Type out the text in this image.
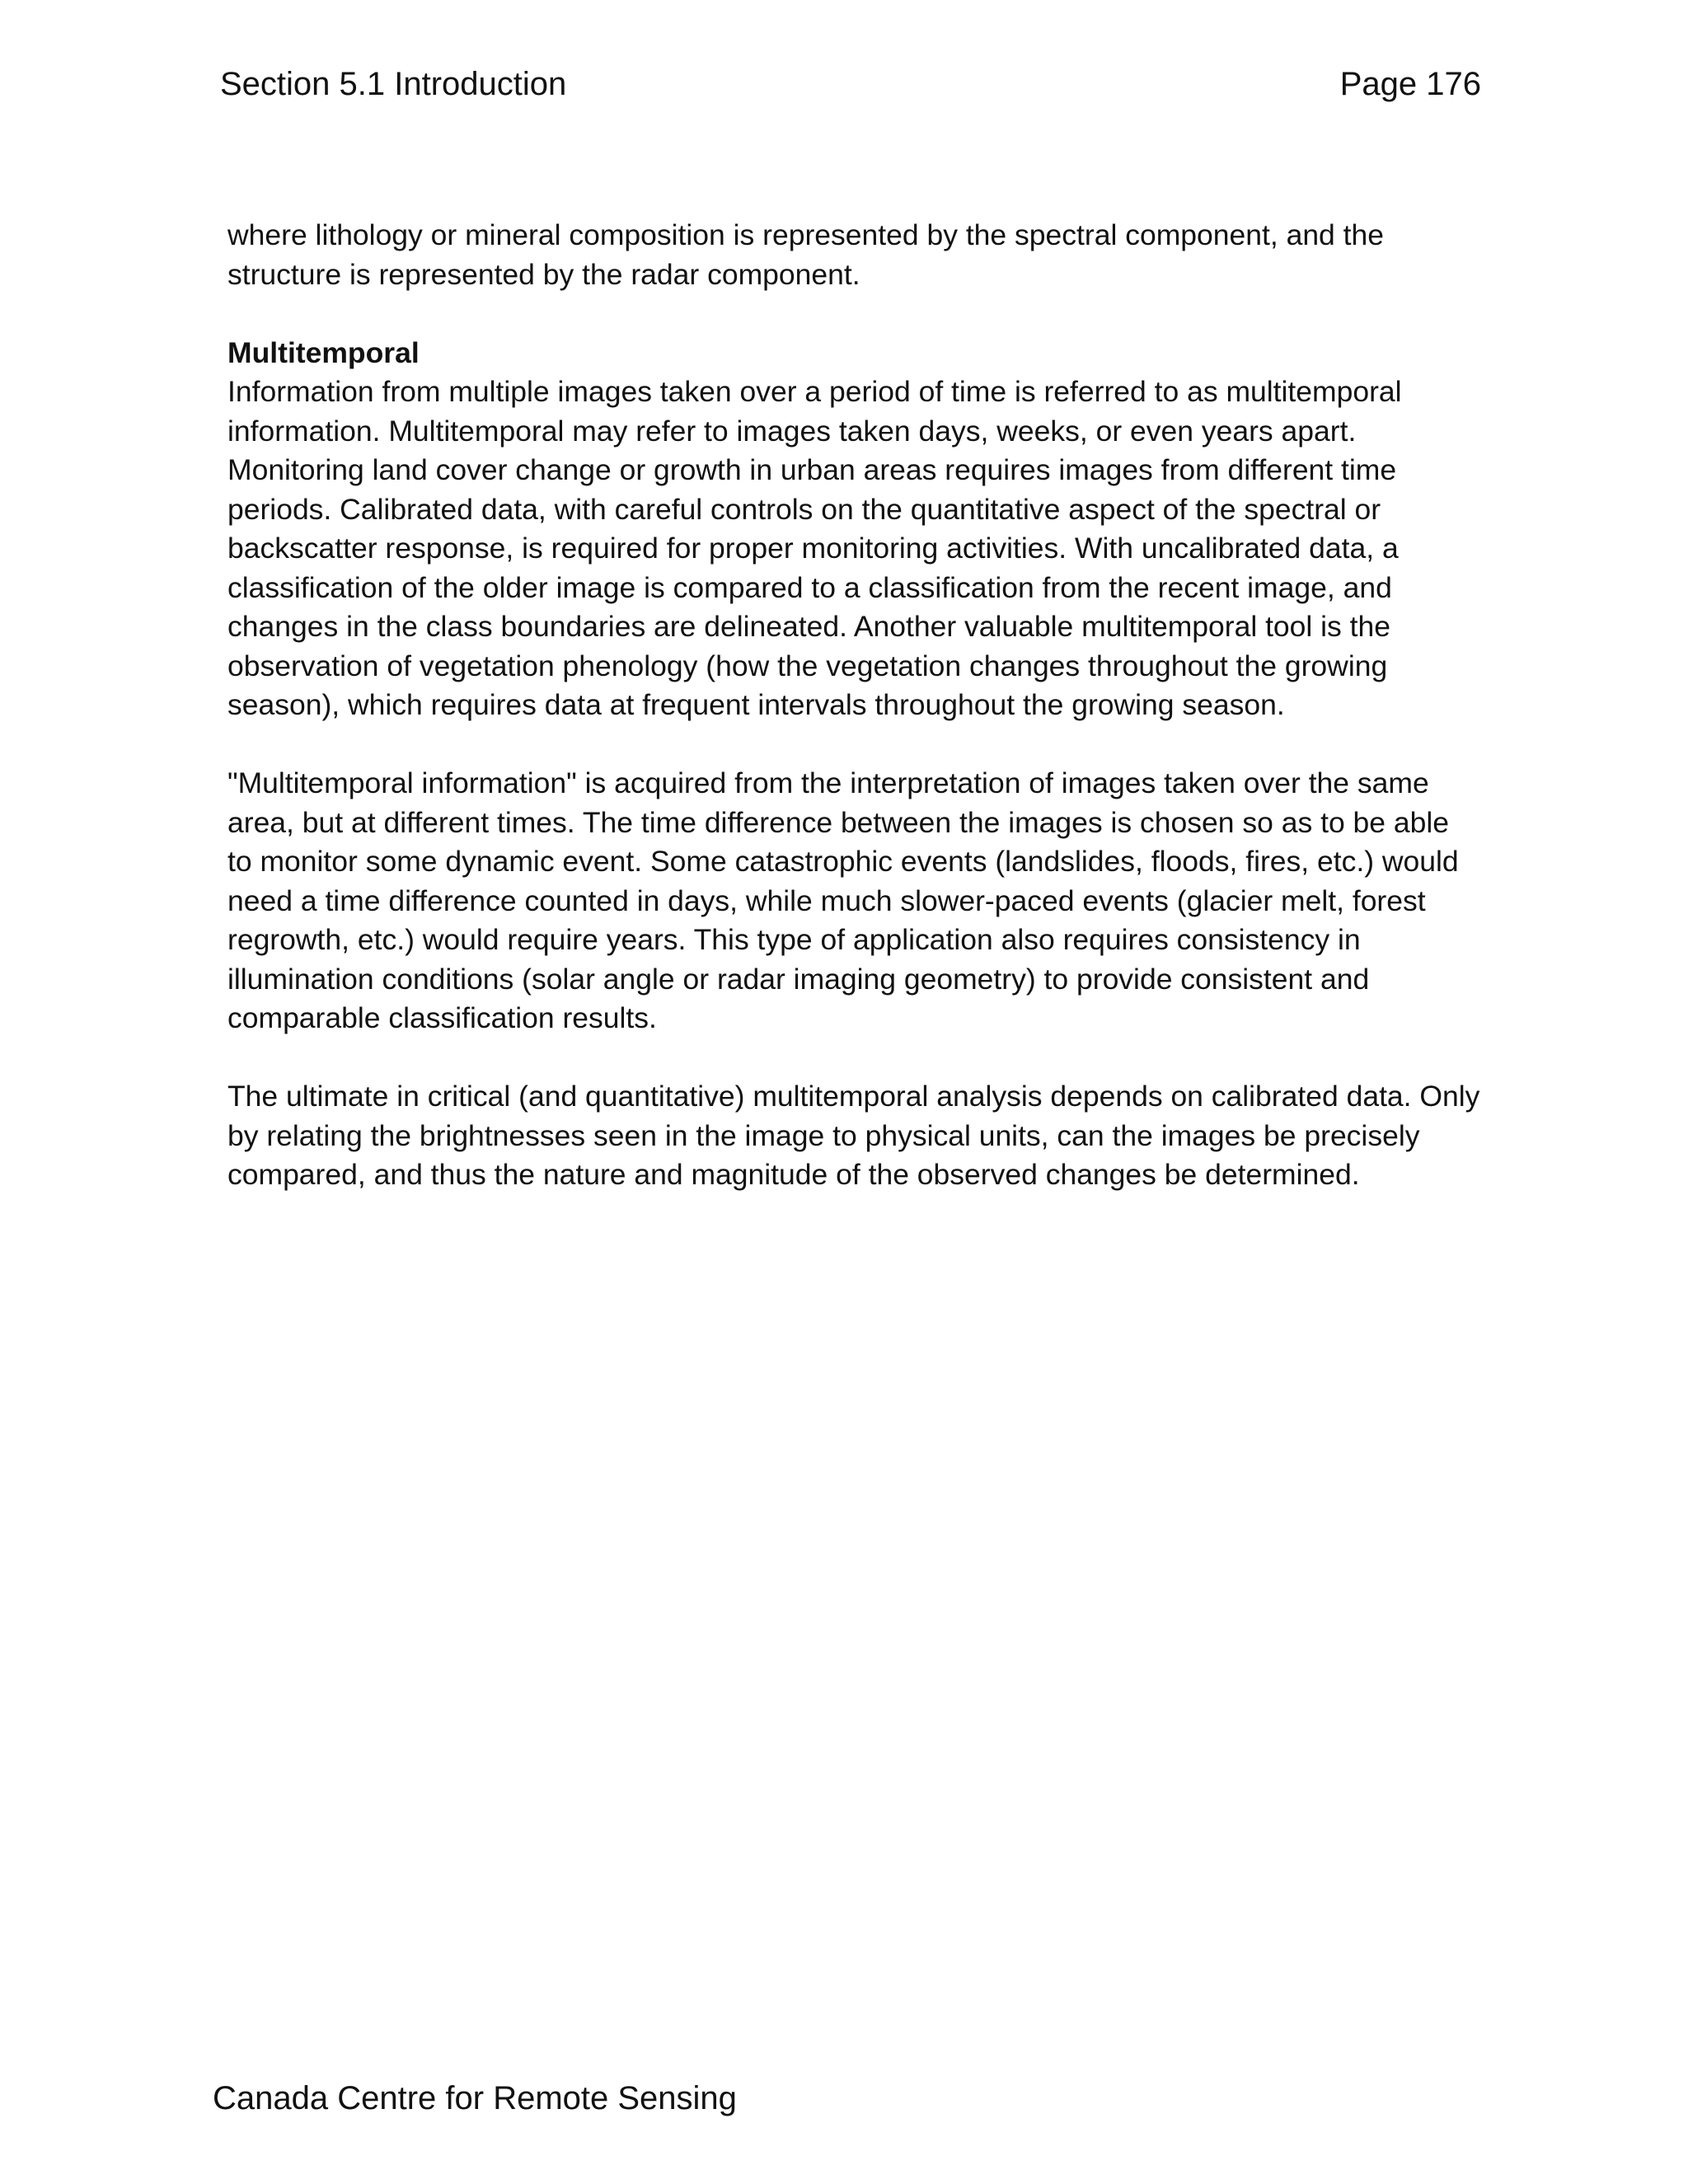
Section 5.1 Introduction	Page 176

where lithology or mineral composition is represented by the spectral component, and the structure is represented by the radar component.

Multitemporal

Information from multiple images taken over a period of time is referred to as multitemporal information. Multitemporal may refer to images taken days, weeks, or even years apart. Monitoring land cover change or growth in urban areas requires images from different time periods. Calibrated data, with careful controls on the quantitative aspect of the spectral or backscatter response, is required for proper monitoring activities. With uncalibrated data, a classification of the older image is compared to a classification from the recent image, and changes in the class boundaries are delineated. Another valuable multitemporal tool is the observation of vegetation phenology (how the vegetation changes throughout the growing season), which requires data at frequent intervals throughout the growing season.

"Multitemporal information" is acquired from the interpretation of images taken over the same area, but at different times. The time difference between the images is chosen so as to be able to monitor some dynamic event. Some catastrophic events (landslides, floods, fires, etc.) would need a time difference counted in days, while much slower-paced events (glacier melt, forest regrowth, etc.) would require years. This type of application also requires consistency in illumination conditions (solar angle or radar imaging geometry) to provide consistent and comparable classification results.

The ultimate in critical (and quantitative) multitemporal analysis depends on calibrated data. Only by relating the brightnesses seen in the image to physical units, can the images be precisely compared, and thus the nature and magnitude of the observed changes be determined.

Canada Centre for Remote Sensing
